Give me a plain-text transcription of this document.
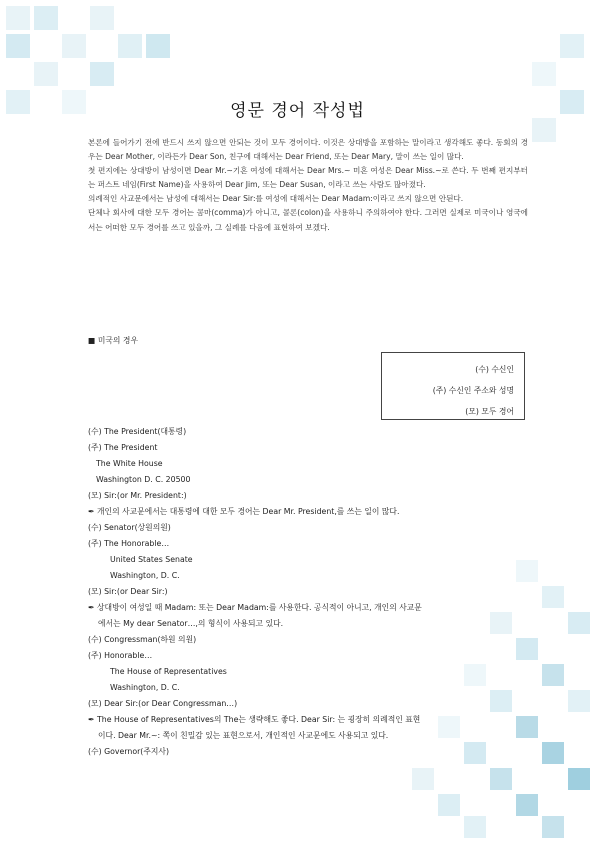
영문 경어 작성법

본론에 들어가기 전에 반드시 쓰지 않으면 안되는 것이 모두 경어이다. 이것은 상대방을 포함하는 말이라고 생각해도 좋다. 동회의 경우는 Dear Mother, 이라든가 Dear Son, 친구에 대해서는 Dear Friend, 또는 Dear Mary, 말이 쓰는 일이 많다.

첫 편지에는 상대방이 남성이면 Dear Mr.~기혼 여성에 대해서는 Dear Mrs.~ 미혼 여성은 Dear Miss.~로 쓴다. 두 번째 편지부터는 퍼스트 네임(First Name)을 사용하여 Dear Jim, 또는 Dear Susan, 이라고 쓰는 사람도 많아졌다.

의례적인 사교문에서는 남성에 대해서는 Dear Sir:를 여성에 대해서는 Dear Madam:이라고 쓰지 않으면 안된다.

단체나 회사에 대한 모두 경어는 콤마(comma)가 아니고, 콜론(colon)을 사용하니 주의하여야 한다. 그러면 실제로 미국이나 영국에서는 어떠한 모두 경어를 쓰고 있을까, 그 실례를 다음에 표현하여 보겠다.

■ 미국의 경우
(수) 수신인
(주) 수신인 주소와 성명
(모) 모두 경어
(수) The President(대통령)
(주) The President
The White House
Washington D. C. 20500
(모) Sir:(or Mr. President:)
✒ 개인의 사교문에서는 대통령에 대한 모두 경어는 Dear Mr. President,를 쓰는 일이 많다.
(수) Senator(상원의원)
(주) The Honorable…
United States Senate
Washington, D. C.
(모) Sir:(or Dear Sir:)
✒ 상대방이 여성일 때 Madam: 또는 Dear Madam:를 사용한다. 공식적이 아니고, 개인의 사교문
에서는 My dear Senator…,의 형식이 사용되고 있다.
(수) Congressman(하원 의원)
(주) Honorable…
The House of Representatives
Washington, D. C.
(모) Dear Sir:(or Dear Congressman…)
✒ The House of Representatives의 The는 생략해도 좋다. Dear Sir: 는 굉장히 의례적인 표현
이다. Dear Mr.~: 쪽이 친밀감 있는 표현으로서, 개인적인 사교문에도 사용되고 있다.
(수) Governor(주지사)
